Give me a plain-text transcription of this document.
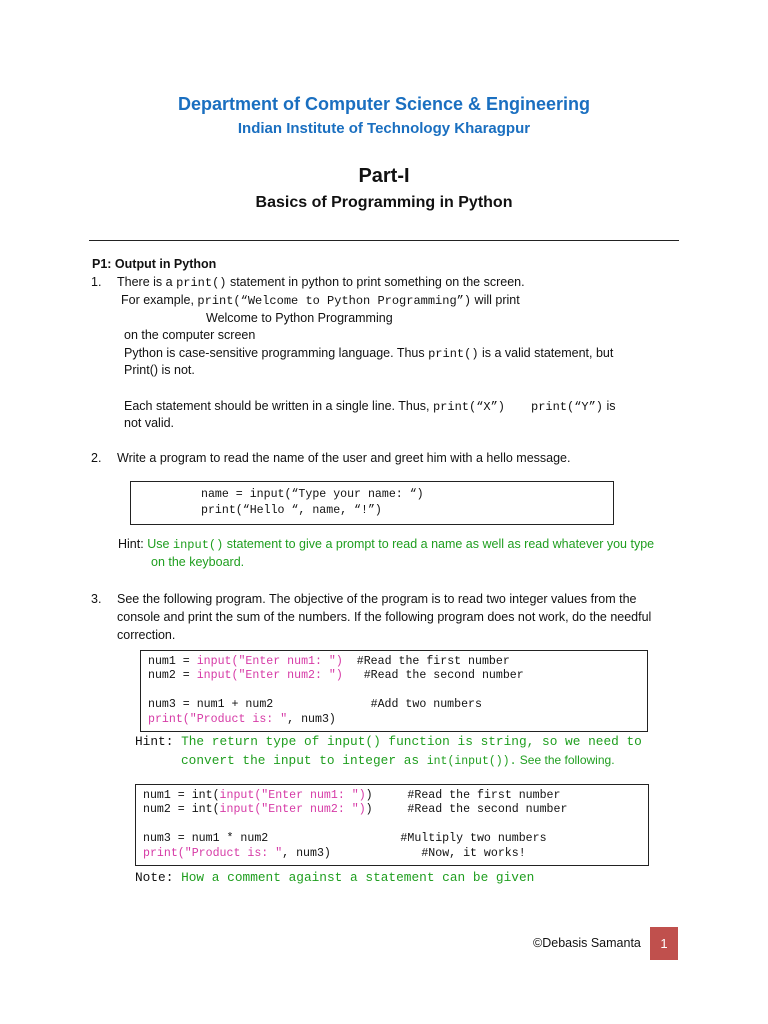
Department of Computer Science & Engineering
Indian Institute of Technology Kharagpur
Part-I
Basics of Programming in Python
P1: Output in Python
1. There is a print() statement in python to print something on the screen.
For example, print(“Welcome to Python Programming”) will print
Welcome to Python Programming
on the computer screen
Python is case-sensitive programming language. Thus print() is a valid statement, but
Print() is not.
Each statement should be written in a single line. Thus, print(“X”) print(“Y”) is
not valid.
2. Write a program to read the name of the user and greet him with a hello message.
name = input(“Type your name: “)
print(“Hello “, name, “!”)
Hint: Use input() statement to give a prompt to read a name as well as read whatever you type
on the keyboard.
3. See the following program. The objective of the program is to read two integer values from the
console and print the sum of the numbers. If the following program does not work, do the needful
correction.
num1 = input("Enter num1: ")  #Read the first number
num2 = input("Enter num2: ")   #Read the second number
num3 = num1 + num2              #Add two numbers
print("Product is: ", num3)
Hint: The return type of input() function is string, so we need to
convert the input to integer as int(input()). See the following.
num1 = int(input("Enter num1: "))     #Read the first number
num2 = int(input("Enter num2: "))     #Read the second number
num3 = num1 * num2                   #Multiply two numbers
print("Product is: ", num3)             #Now, it works!
Note: How a comment against a statement can be given
©Debasis Samanta	1
